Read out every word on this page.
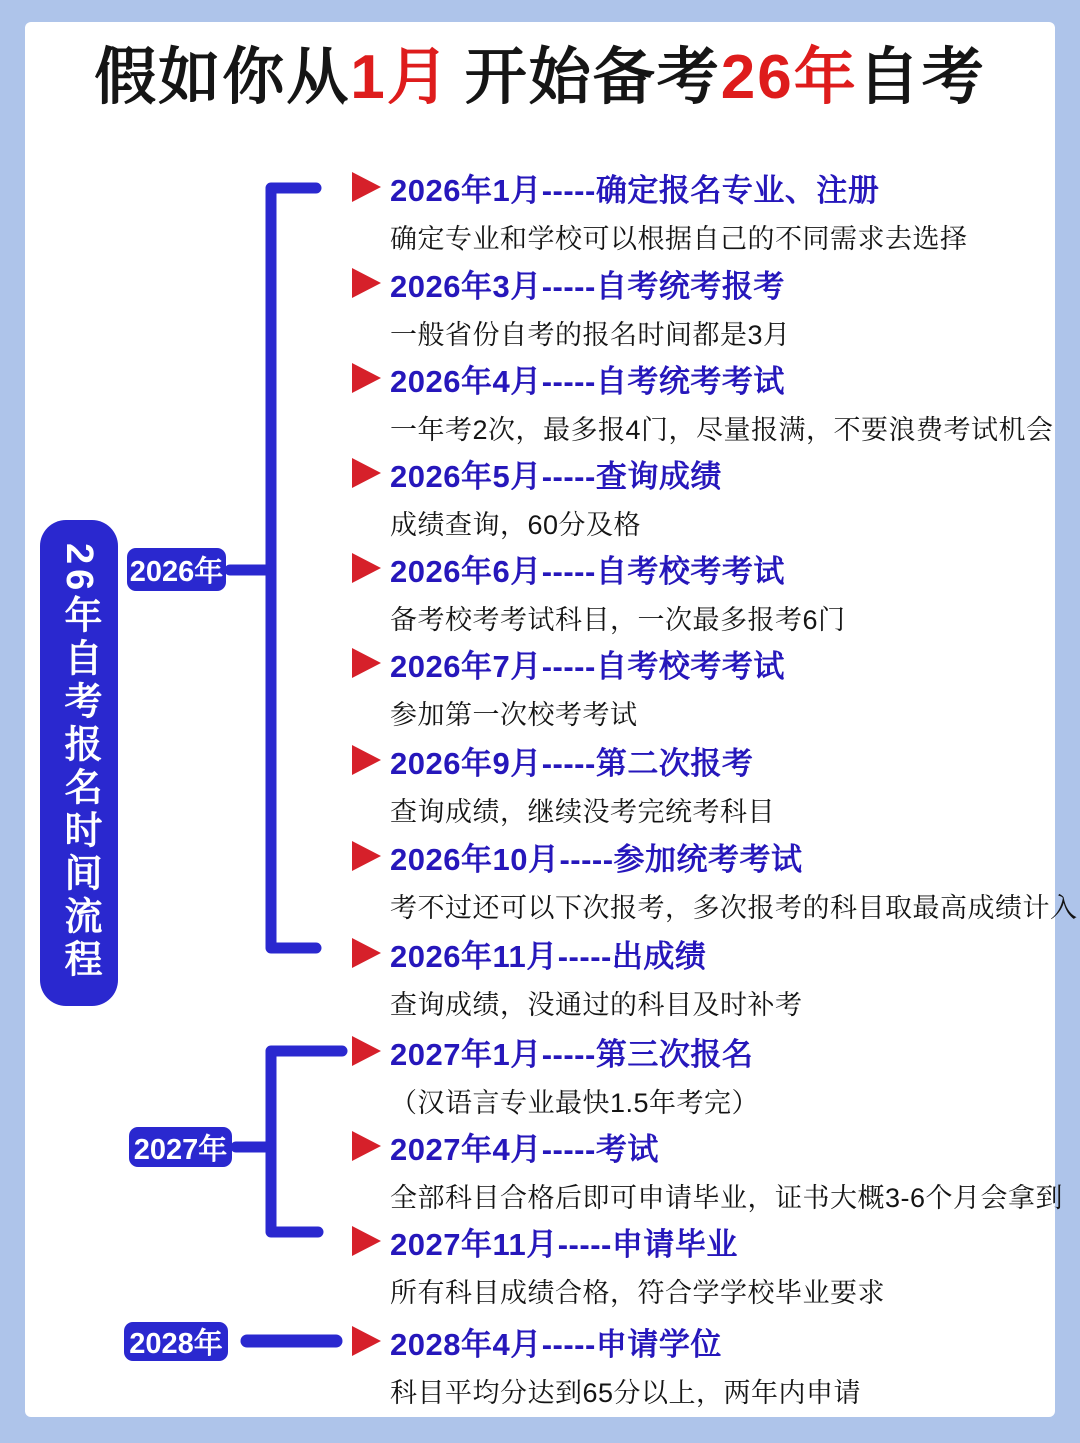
假如你从1月 开始备考26年自考
26年自考报名时间流程 2026年
2027年
2028年
2026年1月-----确定报名专业、注册
确定专业和学校可以根据自己的不同需求去选择
2026年3月-----自考统考报考
一般省份自考的报名时间都是3月
2026年4月-----自考统考考试
一年考2次，最多报4门，尽量报满，不要浪费考试机会
2026年5月-----查询成绩
成绩查询，60分及格
2026年6月-----自考校考考试
备考校考考试科目，一次最多报考6门
2026年7月-----自考校考考试
参加第一次校考考试
2026年9月-----第二次报考
查询成绩，继续没考完统考科目
2026年10月-----参加统考考试
考不过还可以下次报考，多次报考的科目取最高成绩计入
2026年11月-----出成绩
查询成绩，没通过的科目及时补考
2027年1月-----第三次报名
（汉语言专业最快1.5年考完）
2027年4月-----考试
全部科目合格后即可申请毕业，证书大概3-6个月会拿到
2027年11月-----申请毕业
所有科目成绩合格，符合学学校毕业要求
2028年4月-----申请学位
科目平均分达到65分以上，两年内申请
